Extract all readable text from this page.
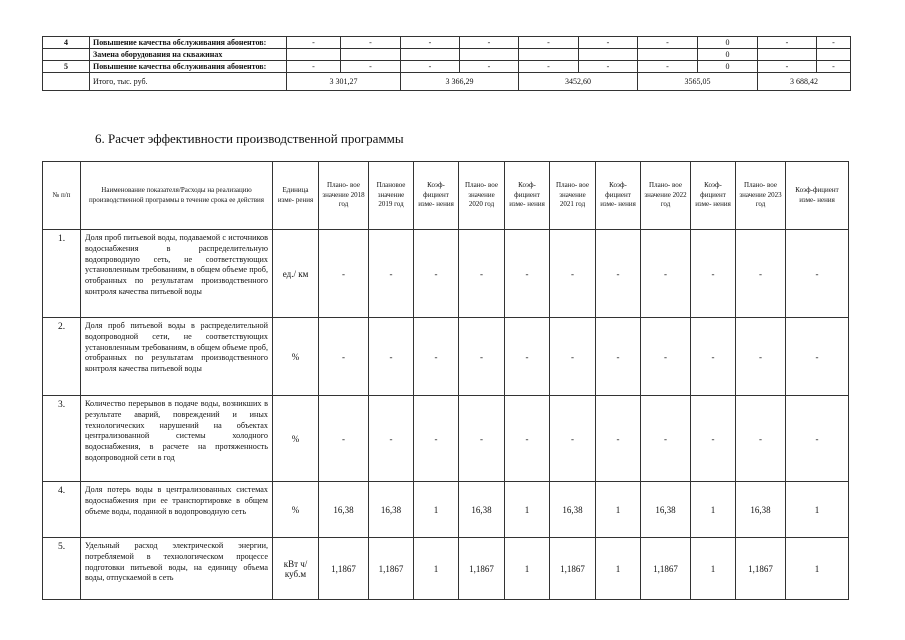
4	Повышение качества обслуживания абонентов:	-	-	-	-	-	-	-	0	-	-
	Замена оборудования на скважинах								0		
5	Повышение качества обслуживания абонентов:	-	-	-	-	-	-	-	0	-	-
	Итого, тыс. руб.	3 301,27		3 366,29		3452,60		3565,05		3 688,42	
6. Расчет эффективности производственной программы
№ п/п	Наименование показателя/Расходы на реализацию производственной программы в течение срока ее действия	Единица изме- рения	Плано- вое значение 2018 год	Плановое значение 2019 год	Коэф- фициент изме- нения	Плано- вое значение 2020 год	Коэф- фициент изме- нения	Плано- вое значение 2021 год	Коэф- фициент изме- нения	Плано- вое значение 2022 год	Коэф- фициент изме- нения	Плано- вое значение 2023 год	Коэф-фициент изме- нения
1.	Доля проб питьевой воды, подаваемой с источников водоснабжения в распределительную водопроводную сеть, не соответствующих установленным требованиям, в общем объеме проб, отобранных по результатам производственного контроля качества питьевой воды	ед./ км	-	-	-	-	-	-	-	-	-	-	-
2.	Доля проб питьевой воды в распределительной водопроводной сети, не соответствующих установленным требованиям, в общем объеме проб, отобранных по результатам производственного контроля качества питьевой воды	%	-	-	-	-	-	-	-	-	-	-	-
3.	Количество перерывов в подаче воды, возникших в результате аварий, повреждений и иных технологических нарушений на объектах централизованной системы холодного водоснабжения, в расчете на протяженность водопроводной сети в год	%	-	-	-	-	-	-	-	-	-	-	-
4.	Доля потерь воды в централизованных системах водоснабжения при ее транспортировке в общем объеме воды, поданной в водопроводную сеть	%	16,38	16,38	1	16,38	1	16,38	1	16,38	1	16,38	1
5.	Удельный расход электрической энергии, потребляемой в технологическом процессе подготовки питьевой воды, на единицу объема воды, отпускаемой в сеть	кВт ч/куб.м	1,1867	1,1867	1	1,1867	1	1,1867	1	1,1867	1	1,1867	1
